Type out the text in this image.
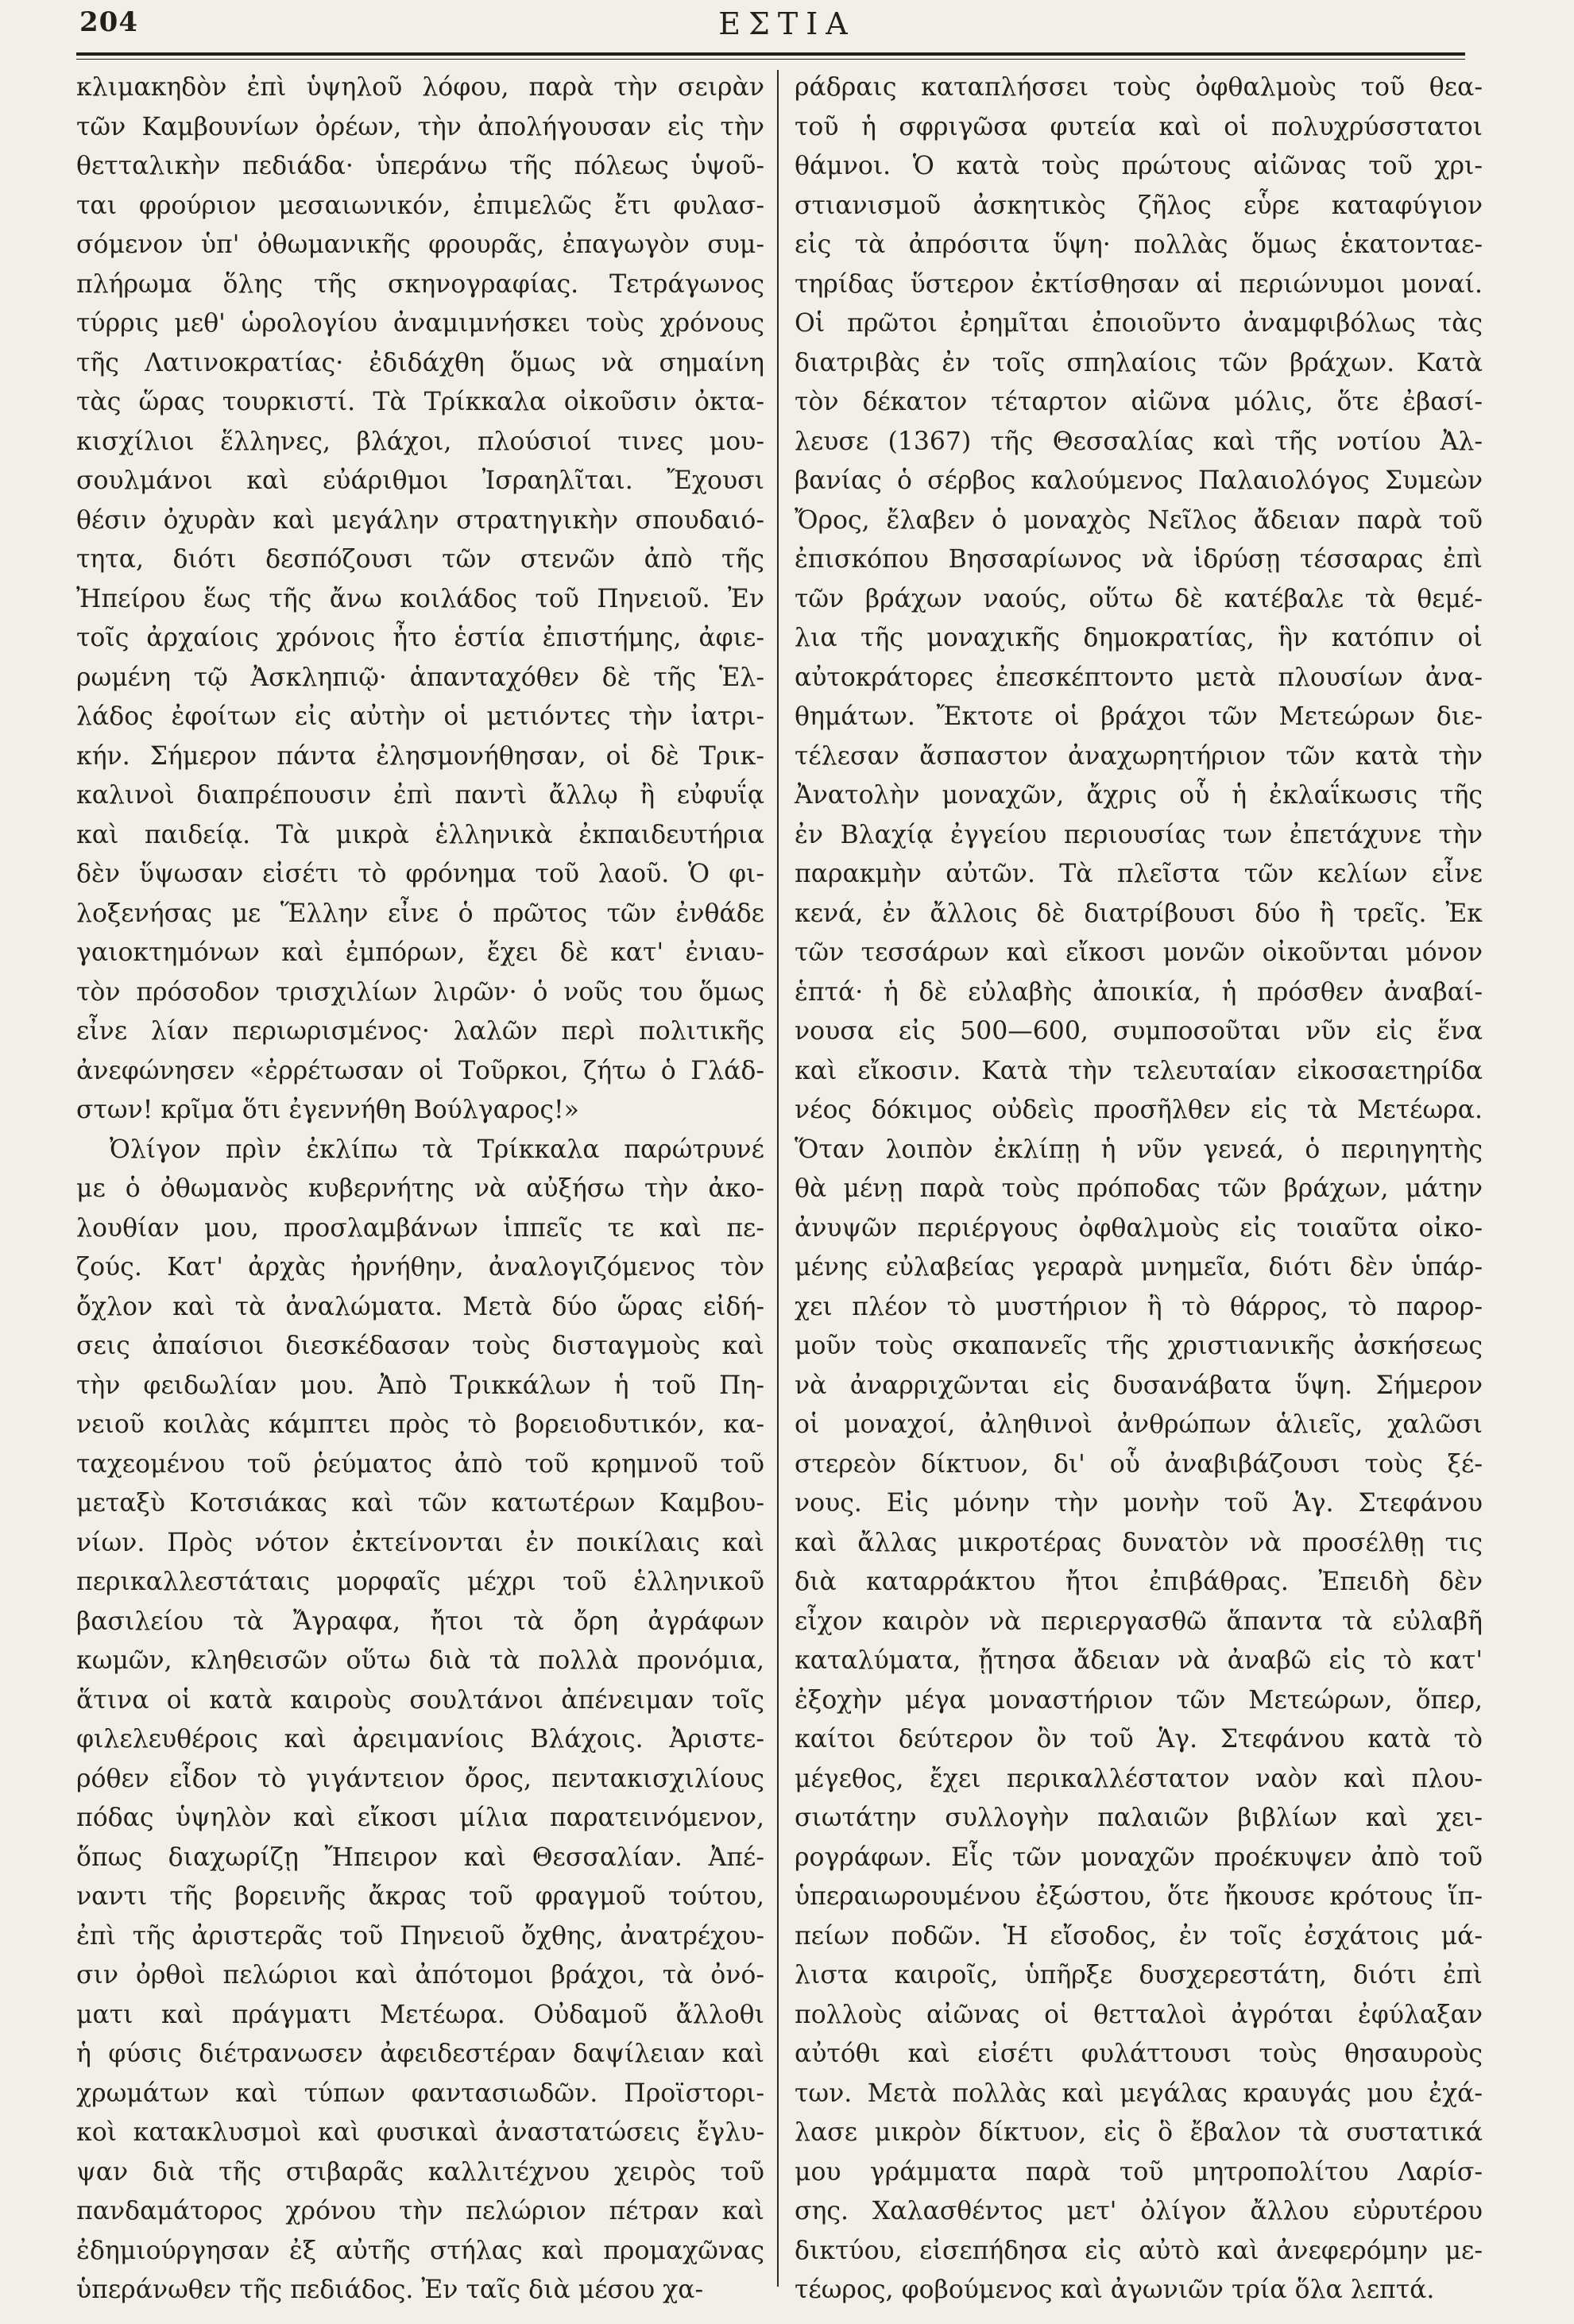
204	ΕΣΤΙΑ

κλιμακηδὸν ἐπὶ ὑψηλοῦ λόφου, παρὰ τὴν σειρὰν
τῶν Καμβουνίων ὀρέων, τὴν ἀπολήγουσαν εἰς τὴν
θετταλικὴν πεδιάδα· ὑπεράνω τῆς πόλεως ὑψοῦ-
ται φρούριον μεσαιωνικόν, ἐπιμελῶς ἔτι φυλασ-
σόμενον ὑπ' ὀθωμανικῆς φρουρᾶς, ἐπαγωγὸν συμ-
πλήρωμα ὅλης τῆς σκηνογραφίας. Τετράγωνος
τύρρις μεθ' ὡρολογίου ἀναμιμνήσκει τοὺς χρόνους
τῆς Λατινοκρατίας· ἐδιδάχθη ὅμως νὰ σημαίνη
τὰς ὥρας τουρκιστί. Τὰ Τρίκκαλα οἰκοῦσιν ὀκτα-
κισχίλιοι ἕλληνες, βλάχοι, πλούσιοί τινες μου-
σουλμάνοι καὶ εὐάριθμοι Ἰσραηλῖται. Ἔχουσι
θέσιν ὀχυρὰν καὶ μεγάλην στρατηγικὴν σπουδαιό-
τητα, διότι δεσπόζουσι τῶν στενῶν ἀπὸ τῆς
Ἠπείρου ἕως τῆς ἄνω κοιλάδος τοῦ Πηνειοῦ. Ἐν
τοῖς ἀρχαίοις χρόνοις ἦτο ἑστία ἐπιστήμης, ἀφιε-
ρωμένη τῷ Ἀσκληπιῷ· ἁπανταχόθεν δὲ τῆς Ἑλ-
λάδος ἐφοίτων εἰς αὐτὴν οἱ μετιόντες τὴν ἰατρι-
κήν. Σήμερον πάντα ἐλησμονήθησαν, οἱ δὲ Τρικ-
καλινοὶ διαπρέπουσιν ἐπὶ παντὶ ἄλλῳ ἢ εὐφυΐᾳ
καὶ παιδείᾳ. Τὰ μικρὰ ἑλληνικὰ ἐκπαιδευτήρια
δὲν ὕψωσαν εἰσέτι τὸ φρόνημα τοῦ λαοῦ. Ὁ φι-
λοξενήσας με Ἕλλην εἶνε ὁ πρῶτος τῶν ἐνθάδε
γαιοκτημόνων καὶ ἐμπόρων, ἔχει δὲ κατ' ἐνιαυ-
τὸν πρόσοδον τρισχιλίων λιρῶν· ὁ νοῦς του ὅμως
εἶνε λίαν περιωρισμένος· λαλῶν περὶ πολιτικῆς
ἀνεφώνησεν «ἐρρέτωσαν οἱ Τοῦρκοι, ζήτω ὁ Γλάδ-
στων! κρῖμα ὅτι ἐγεννήθη Βούλγαρος!»

Ὀλίγον πρὶν ἐκλίπω τὰ Τρίκκαλα παρώτρυνέ
με ὁ ὀθωμανὸς κυβερνήτης νὰ αὐξήσω τὴν ἀκο-
λουθίαν μου, προσλαμβάνων ἱππεῖς τε καὶ πε-
ζούς. Κατ' ἀρχὰς ἠρνήθην, ἀναλογιζόμενος τὸν
ὄχλον καὶ τὰ ἀναλώματα. Μετὰ δύο ὥρας εἰδή-
σεις ἀπαίσιοι διεσκέδασαν τοὺς δισταγμοὺς καὶ
τὴν φειδωλίαν μου. Ἀπὸ Τρικκάλων ἡ τοῦ Πη-
νειοῦ κοιλὰς κάμπτει πρὸς τὸ βορειοδυτικόν, κα-
ταχεομένου τοῦ ῥεύματος ἀπὸ τοῦ κρημνοῦ τοῦ
μεταξὺ Κοτσιάκας καὶ τῶν κατωτέρων Καμβου-
νίων. Πρὸς νότον ἐκτείνονται ἐν ποικίλαις καὶ
περικαλλεστάταις μορφαῖς μέχρι τοῦ ἑλληνικοῦ
βασιλείου τὰ Ἄγραφα, ἤτοι τὰ ὄρη ἀγράφων
κωμῶν, κληθεισῶν οὕτω διὰ τὰ πολλὰ προνόμια,
ἅτινα οἱ κατὰ καιροὺς σουλτάνοι ἀπένειμαν τοῖς
φιλελευθέροις καὶ ἀρειμανίοις Βλάχοις. Ἀριστε-
ρόθεν εἶδον τὸ γιγάντειον ὄρος, πεντακισχιλίους
πόδας ὑψηλὸν καὶ εἴκοσι μίλια παρατεινόμενον,
ὅπως διαχωρίζῃ Ἤπειρον καὶ Θεσσαλίαν. Ἀπέ-
ναντι τῆς βορεινῆς ἄκρας τοῦ φραγμοῦ τούτου,
ἐπὶ τῆς ἀριστερᾶς τοῦ Πηνειοῦ ὄχθης, ἀνατρέχου-
σιν ὀρθοὶ πελώριοι καὶ ἀπότομοι βράχοι, τὰ ὀνό-
ματι καὶ πράγματι Μετέωρα. Οὐδαμοῦ ἄλλοθι
ἡ φύσις διέτρανωσεν ἀφειδεστέραν δαψίλειαν καὶ
χρωμάτων καὶ τύπων φαντασιωδῶν. Προϊστορι-
κοὶ κατακλυσμοὶ καὶ φυσικαὶ ἀναστατώσεις ἔγλυ-
ψαν διὰ τῆς στιβαρᾶς καλλιτέχνου χειρὸς τοῦ
πανδαμάτορος χρόνου τὴν πελώριον πέτραν καὶ
ἐδημιούργησαν ἐξ αὐτῆς στήλας καὶ προμαχῶνας
ὑπεράνωθεν τῆς πεδιάδος. Ἐν ταῖς διὰ μέσου χα-

ράδραις καταπλήσσει τοὺς ὀφθαλμοὺς τοῦ θεα-
τοῦ ἡ σφριγῶσα φυτεία καὶ οἱ πολυχρύσστατοι
θάμνοι. Ὁ κατὰ τοὺς πρώτους αἰῶνας τοῦ χρι-
στιανισμοῦ ἀσκητικὸς ζῆλος εὗρε καταφύγιον
εἰς τὰ ἀπρόσιτα ὕψη· πολλὰς ὅμως ἑκατονταε-
τηρίδας ὕστερον ἐκτίσθησαν αἱ περιώνυμοι μοναί.
Οἱ πρῶτοι ἐρημῖται ἐποιοῦντο ἀναμφιβόλως τὰς
διατριβὰς ἐν τοῖς σπηλαίοις τῶν βράχων. Κατὰ
τὸν δέκατον τέταρτον αἰῶνα μόλις, ὅτε ἐβασί-
λευσε (1367) τῆς Θεσσαλίας καὶ τῆς νοτίου Ἀλ-
βανίας ὁ σέρβος καλούμενος Παλαιολόγος Συμεὼν
Ὄρος, ἔλαβεν ὁ μοναχὸς Νεῖλος ἄδειαν παρὰ τοῦ
ἐπισκόπου Βησσαρίωνος νὰ ἱδρύσῃ τέσσαρας ἐπὶ
τῶν βράχων ναούς, οὕτω δὲ κατέβαλε τὰ θεμέ-
λια τῆς μοναχικῆς δημοκρατίας, ἣν κατόπιν οἱ
αὐτοκράτορες ἐπεσκέπτοντο μετὰ πλουσίων ἀνα-
θημάτων. Ἔκτοτε οἱ βράχοι τῶν Μετεώρων διε-
τέλεσαν ἄσπαστον ἀναχωρητήριον τῶν κατὰ τὴν
Ἀνατολὴν μοναχῶν, ἄχρις οὗ ἡ ἐκλαΐκωσις τῆς
ἐν Βλαχίᾳ ἐγγείου περιουσίας των ἐπετάχυνε τὴν
παρακμὴν αὐτῶν. Τὰ πλεῖστα τῶν κελίων εἶνε
κενά, ἐν ἄλλοις δὲ διατρίβουσι δύο ἢ τρεῖς. Ἐκ
τῶν τεσσάρων καὶ εἴκοσι μονῶν οἰκοῦνται μόνον
ἑπτά· ἡ δὲ εὐλαβὴς ἀποικία, ἡ πρόσθεν ἀναβαί-
νουσα εἰς 500—600, συμποσοῦται νῦν εἰς ἕνα
καὶ εἴκοσιν. Κατὰ τὴν τελευταίαν εἰκοσαετηρίδα
νέος δόκιμος οὐδεὶς προσῆλθεν εἰς τὰ Μετέωρα.
Ὅταν λοιπὸν ἐκλίπῃ ἡ νῦν γενεά, ὁ περιηγητὴς
θὰ μένῃ παρὰ τοὺς πρόποδας τῶν βράχων, μάτην
ἀνυψῶν περιέργους ὀφθαλμοὺς εἰς τοιαῦτα οἰκο-
μένης εὐλαβείας γεραρὰ μνημεῖα, διότι δὲν ὑπάρ-
χει πλέον τὸ μυστήριον ἢ τὸ θάρρος, τὸ παρορ-
μοῦν τοὺς σκαπανεῖς τῆς χριστιανικῆς ἀσκήσεως
νὰ ἀναρριχῶνται εἰς δυσανάβατα ὕψη. Σήμερον
οἱ μοναχοί, ἀληθινοὶ ἀνθρώπων ἁλιεῖς, χαλῶσι
στερεὸν δίκτυον, δι' οὗ ἀναβιβάζουσι τοὺς ξέ-
νους. Εἰς μόνην τὴν μονὴν τοῦ Ἁγ. Στεφάνου
καὶ ἄλλας μικροτέρας δυνατὸν νὰ προσέλθῃ τις
διὰ καταρράκτου ἤτοι ἐπιβάθρας. Ἐπειδὴ δὲν
εἶχον καιρὸν νὰ περιεργασθῶ ἅπαντα τὰ εὐλαβῆ
καταλύματα, ᾔτησα ἄδειαν νὰ ἀναβῶ εἰς τὸ κατ'
ἐξοχὴν μέγα μοναστήριον τῶν Μετεώρων, ὅπερ,
καίτοι δεύτερον ὂν τοῦ Ἁγ. Στεφάνου κατὰ τὸ
μέγεθος, ἔχει περικαλλέστατον ναὸν καὶ πλου-
σιωτάτην συλλογὴν παλαιῶν βιβλίων καὶ χει-
ρογράφων. Εἷς τῶν μοναχῶν προέκυψεν ἀπὸ τοῦ
ὑπεραιωρουμένου ἐξώστου, ὅτε ἤκουσε κρότους ἵπ-
πείων ποδῶν. Ἡ εἴσοδος, ἐν τοῖς ἐσχάτοις μά-
λιστα καιροῖς, ὑπῆρξε δυσχερεστάτη, διότι ἐπὶ
πολλοὺς αἰῶνας οἱ θετταλοὶ ἀγρόται ἐφύλαξαν
αὐτόθι καὶ εἰσέτι φυλάττουσι τοὺς θησαυροὺς
των. Μετὰ πολλὰς καὶ μεγάλας κραυγάς μου ἐχά-
λασε μικρὸν δίκτυον, εἰς ὃ ἔβαλον τὰ συστατικά
μου γράμματα παρὰ τοῦ μητροπολίτου Λαρίσ-
σης. Χαλασθέντος μετ' ὀλίγον ἄλλου εὐρυτέρου
δικτύου, εἰσεπήδησα εἰς αὐτὸ καὶ ἀνεφερόμην με-
τέωρος, φοβούμενος καὶ ἀγωνιῶν τρία ὅλα λεπτά.
